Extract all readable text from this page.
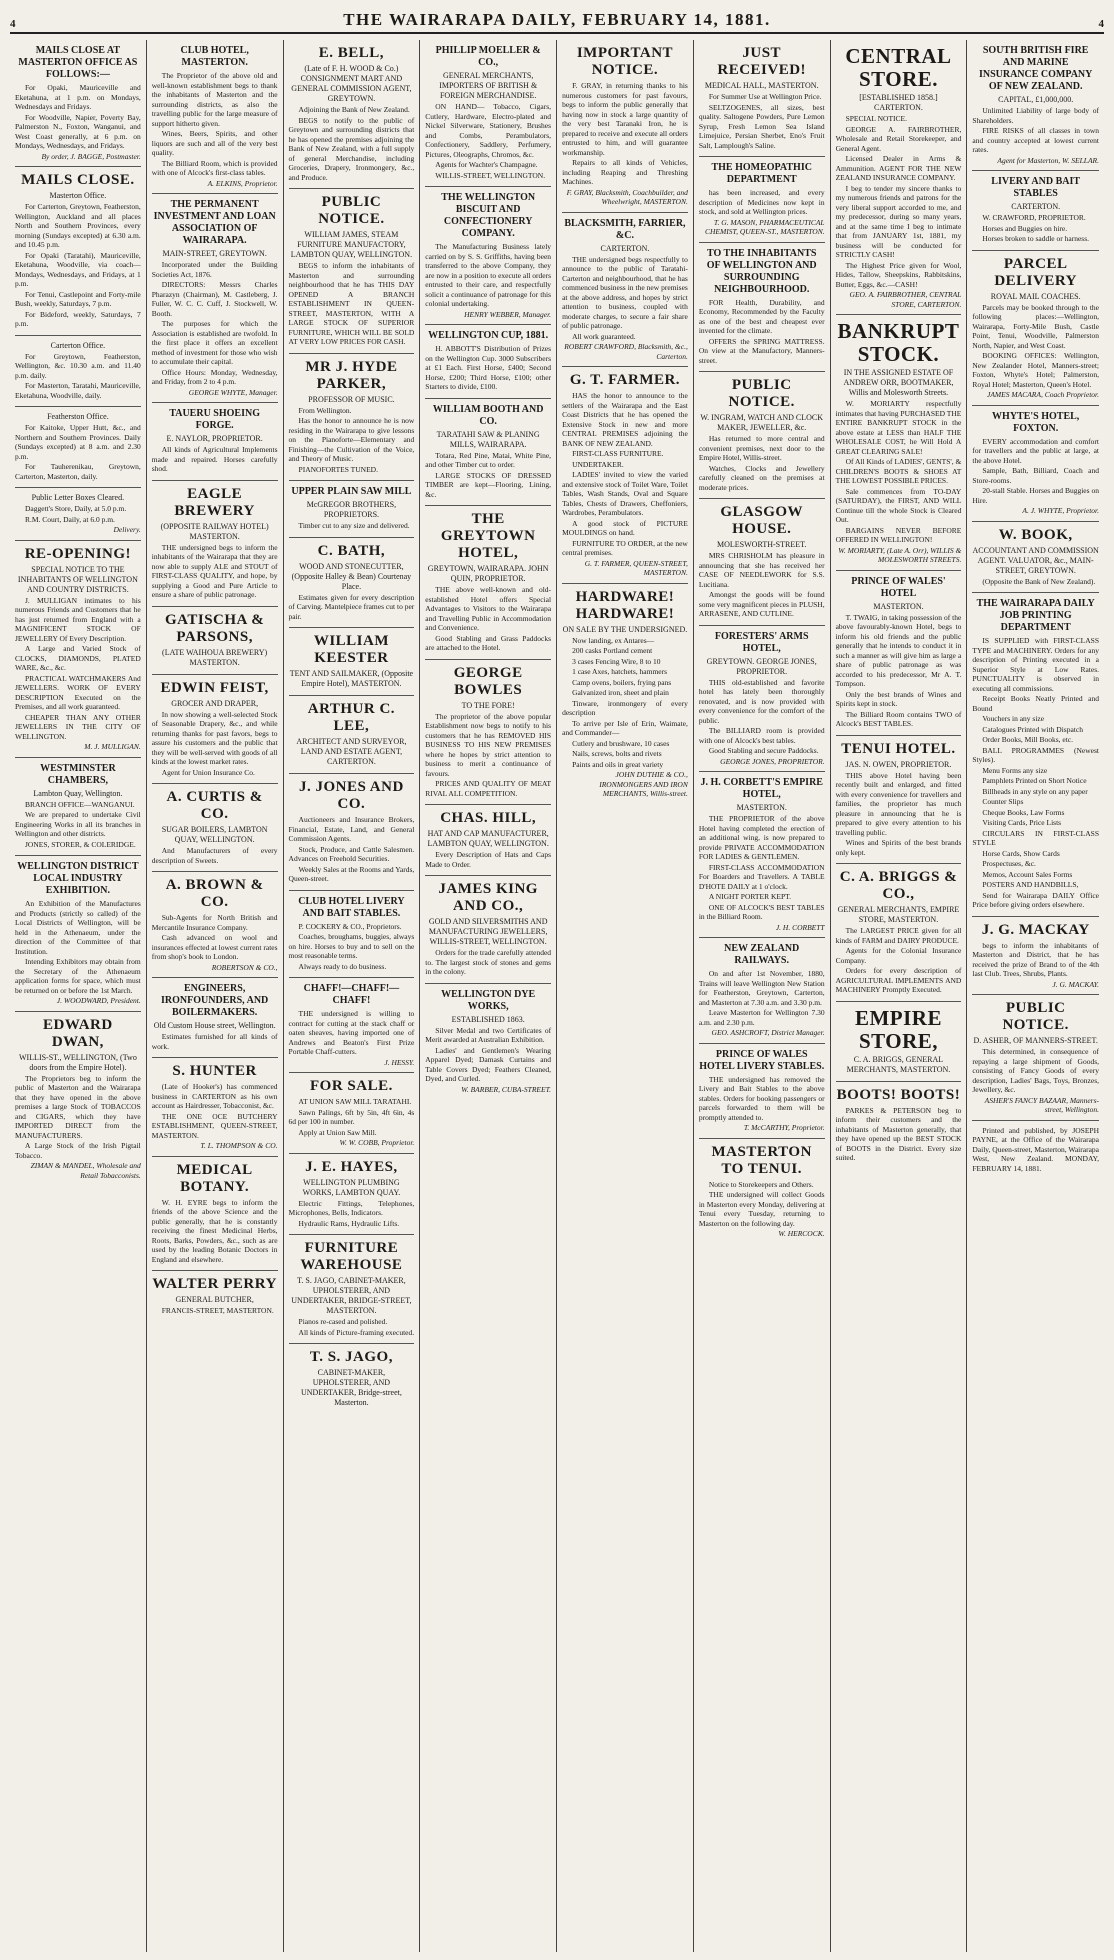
4	THE WAIRARAPA DAILY, FEBRUARY 14, 1881.	4
MAILS CLOSE AT MASTERTON OFFICE AS FOLLOWS:—
For Opaki, Mauriceville and Eketahuna, at 1 p.m. on Mondays, Wednesdays and Fridays.
For Woodville, Napier, Poverty Bay, Palmerston N., Foxton, Wanganui, and West Coast generally, at 6 p.m. on Mondays, Wednesdays, and Fridays.
By order, J. BAGGE, Postmaster.
MAILS CLOSE.
Masterton Office.
For Carterton, Greytown, Featherston, Wellington, Auckland and all places North and Southern Provinces, every morning (Sundays excepted) at 6.30 a.m. and 10.45 p.m.
For Opaki (Taratahi), Mauriceville, Eketahuna, Woodville, via coach—Mondays, Wednesdays, and Fridays, at 1 p.m.
For Tenui, Castlepoint and Forty-mile Bush, weekly, Saturdays, 7 p.m.
For Bideford, weekly, Saturdays, 7 p.m.
Carterton Office.
For Greytown, Featherston, Wellington, &c. 10.30 a.m. and 11.40 p.m. daily.
For Masterton, Taratahi, Mauriceville, Eketahuna, Woodville, daily.
Featherston Office.
For Kaitoke, Upper Hutt, &c., and Northern and Southern Provinces. Daily (Sundays excepted) at 8 a.m. and 2.30 p.m.
For Tauherenikau, Greytown, Carterton, Masterton, daily.
Public Letter Boxes Cleared.
Daggett's Store, Daily, at 5.0 p.m.
R.M. Court, Daily, at 6.0 p.m.
Delivery.
RE-OPENING!
SPECIAL NOTICE TO THE INHABITANTS OF WELLINGTON AND COUNTRY DISTRICTS.
J. MULLIGAN intimates to his numerous Friends and Customers that he has just returned from England with a MAGNIFICENT STOCK OF JEWELLERY Of Every Description.
A Large and Varied Stock of CLOCKS, DIAMONDS, PLATED WARE, &c., &c.
PRACTICAL WATCHMAKERS And JEWELLERS. WORK OF EVERY DESCRIPTION Executed on the Premises, and all work guaranteed.
CHEAPER THAN ANY OTHER JEWELLERS IN THE CITY OF WELLINGTON.
M. J. MULLIGAN.
WESTMINSTER CHAMBERS,
Lambton Quay, Wellington.
BRANCH OFFICE—WANGANUI.
We are prepared to undertake Civil Engineering Works in all its branches in Wellington and other districts.
JONES, STORER, & COLERIDGE.
WELLINGTON DISTRICT LOCAL INDUSTRY EXHIBITION.
An Exhibition of the Manufactures and Products (strictly so called) of the Local Districts of Wellington, will be held in the Athenaeum, under the direction of the Committee of that Institution.
Intending Exhibitors may obtain from the Secretary of the Athenaeum application forms for space, which must be returned on or before the 1st March.
J. WOODWARD, President.
EDWARD DWAN,
WILLIS-ST., WELLINGTON, (Two doors from the Empire Hotel).
The Proprietors beg to inform the public of Masterton and the Wairarapa that they have opened in the above premises a large Stock of TOBACCOS and CIGARS, which they have IMPORTED DIRECT from the MANUFACTURERS.
A Large Stock of the Irish Pigtail Tobacco.
ZIMAN & MANDEL, Wholesale and Retail Tobacconists.
CLUB HOTEL, MASTERTON.
The Proprietor of the above old and well-known establishment begs to thank the inhabitants of Masterton and the surrounding districts, as also the travelling public for the large measure of support hitherto given.
Wines, Beers, Spirits, and other liquors are such and all of the very best quality.
The Billiard Room, which is provided with one of Alcock's first-class tables.
A. ELKINS, Proprietor.
THE PERMANENT INVESTMENT AND LOAN ASSOCIATION OF WAIRARAPA.
MAIN-STREET, GREYTOWN.
Incorporated under the Building Societies Act, 1876.
DIRECTORS: Messrs Charles Pharazyn (Chairman), M. Castleberg, J. Fuller, W. C. C. Cuff, J. Stockwell, W. Booth.
The purposes for which the Association is established are twofold. In the first place it offers an excellent method of investment for those who wish to accumulate their capital.
Office Hours: Monday, Wednesday, and Friday, from 2 to 4 p.m.
GEORGE WHYTE, Manager.
TAUERU SHOEING FORGE.
E. NAYLOR, PROPRIETOR.
All kinds of Agricultural Implements made and repaired. Horses carefully shod.
EAGLE BREWERY
(OPPOSITE RAILWAY HOTEL) MASTERTON.
THE undersigned begs to inform the inhabitants of the Wairarapa that they are now able to supply ALE and STOUT of FIRST-CLASS QUALITY, and hope, by supplying a Good and Pure Article to ensure a share of public patronage.
GATISCHA & PARSONS,
(LATE WAIHOUA BREWERY) MASTERTON.
EDWIN FEIST,
GROCER AND DRAPER,
In now showing a well-selected Stock of Seasonable Drapery, &c., and while returning thanks for past favors, begs to assure his customers and the public that they will be well-served with goods of all kinds at the lowest market rates.
Agent for Union Insurance Co.
A. CURTIS & CO.
SUGAR BOILERS, LAMBTON QUAY, WELLINGTON.
And Manufacturers of every description of Sweets.
A. BROWN & CO.
Sub-Agents for North British and Mercantile Insurance Company.
Cash advanced on wool and insurances effected at lowest current rates from shop's book to London.
ROBERTSON & CO.,
ENGINEERS, IRONFOUNDERS, AND BOILERMAKERS.
Old Custom House street, Wellington.
Estimates furnished for all kinds of work.
S. HUNTER
(Late of Hooker's) has commenced business in CARTERTON as his own account as Hairdresser, Tobacconist, &c.
THE ONE OCE BUTCHERY ESTABLISHMENT, QUEEN-STREET, MASTERTON.
T. L. THOMPSON & CO.
MEDICAL BOTANY.
W. H. EYRE begs to inform the friends of the above Science and the public generally, that he is constantly receiving the finest Medicinal Herbs, Roots, Barks, Powders, &c., such as are used by the leading Botanic Doctors in England and elsewhere.
WALTER PERRY
GENERAL BUTCHER,
FRANCIS-STREET, MASTERTON.
E. BELL,
(Late of F. H. WOOD & Co.) CONSIGNMENT MART AND GENERAL COMMISSION AGENT, GREYTOWN.
Adjoining the Bank of New Zealand.
BEGS to notify to the public of Greytown and surrounding districts that he has opened the premises adjoining the Bank of New Zealand, with a full supply of general Merchandise, including Groceries, Drapery, Ironmongery, &c., and Produce.
PUBLIC NOTICE.
WILLIAM JAMES, STEAM FURNITURE MANUFACTORY, LAMBTON QUAY, WELLINGTON.
BEGS to inform the inhabitants of Masterton and surrounding neighbourhood that he has THIS DAY OPENED A BRANCH ESTABLISHMENT IN QUEEN-STREET, MASTERTON, WITH A LARGE STOCK OF SUPERIOR FURNITURE, WHICH WILL BE SOLD AT VERY LOW PRICES FOR CASH.
MR J. HYDE PARKER,
PROFESSOR OF MUSIC.
From Wellington.
Has the honor to announce he is now residing in the Wairarapa to give lessons on the Pianoforte—Elementary and Finishing—the Cultivation of the Voice, and Theory of Music.
PIANOFORTES TUNED.
UPPER PLAIN SAW MILL
McGREGOR BROTHERS, PROPRIETORS.
Timber cut to any size and delivered.
C. BATH,
WOOD AND STONECUTTER, (Opposite Halley & Bean) Courtenay Place.
Estimates given for every description of Carving. Mantelpiece frames cut to per pair.
WILLIAM KEESTER
TENT AND SAILMAKER, (Opposite Empire Hotel), MASTERTON.
ARTHUR C. LEE,
ARCHITECT AND SURVEYOR, LAND AND ESTATE AGENT, CARTERTON.
J. JONES AND CO.
Auctioneers and Insurance Brokers, Financial, Estate, Land, and General Commission Agents.
Stock, Produce, and Cattle Salesmen. Advances on Freehold Securities.
Weekly Sales at the Rooms and Yards, Queen-street.
CLUB HOTEL LIVERY AND BAIT STABLES.
P. COCKERY & CO., Proprietors.
Coaches, broughams, buggies, always on hire. Horses to buy and to sell on the most reasonable terms.
Always ready to do business.
CHAFF!—CHAFF!—CHAFF!
THE undersigned is willing to contract for cutting at the stack chaff or oaten sheaves, having imported one of Andrews and Beaton's First Prize Portable Chaff-cutters.
J. HESSY.
FOR SALE.
AT UNION SAW MILL TARATAHI.
Sawn Palings, 6ft by 5in, 4ft 6in, 4s 6d per 100 in number.
Apply at Union Saw Mill.
W. W. COBB, Proprietor.
J. E. HAYES,
WELLINGTON PLUMBING WORKS, LAMBTON QUAY.
Electric Fittings, Telephones, Microphones, Bells, Indicators.
Hydraulic Rams, Hydraulic Lifts.
FURNITURE WAREHOUSE
T. S. JAGO, CABINET-MAKER, UPHOLSTERER, AND UNDERTAKER, BRIDGE-STREET, MASTERTON.
Pianos re-cased and polished.
All kinds of Picture-framing executed.
T. S. JAGO,
CABINET-MAKER, UPHOLSTERER, AND UNDERTAKER, Bridge-street, Masterton.
PHILLIP MOELLER & CO.,
GENERAL MERCHANTS, IMPORTERS OF BRITISH & FOREIGN MERCHANDISE.
ON HAND— Tobacco, Cigars, Cutlery, Hardware, Electro-plated and Nickel Silverware, Stationery, Brushes and Combs, Perambulators, Confectionery, Saddlery, Perfumery, Pictures, Oleographs, Chromos, &c.
Agents for Wachter's Champagne.
WILLIS-STREET, WELLINGTON.
THE WELLINGTON BISCUIT AND CONFECTIONERY COMPANY.
The Manufacturing Business lately carried on by S. S. Griffiths, having been transferred to the above Company, they are now in a position to execute all orders entrusted to their care, and respectfully solicit a continuance of patronage for this colonial undertaking.
HENRY WEBBER, Manager.
WELLINGTON CUP, 1881.
H. ABBOTT'S Distribution of Prizes on the Wellington Cup. 3000 Subscribers at £1 Each. First Horse, £400; Second Horse, £200; Third Horse, £100; other Starters to divide, £100.
WILLIAM BOOTH AND CO.
TARATAHI SAW & PLANING MILLS, WAIRARAPA.
Totara, Red Pine, Matai, White Pine, and other Timber cut to order.
LARGE STOCKS OF DRESSED TIMBER are kept—Flooring, Lining, &c.
THE GREYTOWN HOTEL,
GREYTOWN, WAIRARAPA. JOHN QUIN, PROPRIETOR.
THE above well-known and old-established Hotel offers Special Advantages to Visitors to the Wairarapa and Travelling Public in Accommodation and Convenience.
Good Stabling and Grass Paddocks are attached to the Hotel.
GEORGE BOWLES
TO THE FORE!
The proprietor of the above popular Establishment now begs to notify to his customers that he has REMOVED HIS BUSINESS TO HIS NEW PREMISES where he hopes by strict attention to business to merit a continuance of favours.
PRICES AND QUALITY OF MEAT RIVAL ALL COMPETITION.
CHAS. HILL,
HAT AND CAP MANUFACTURER, LAMBTON QUAY, WELLINGTON.
Every Description of Hats and Caps Made to Order.
JAMES KING AND CO.,
GOLD AND SILVERSMITHS AND MANUFACTURING JEWELLERS, WILLIS-STREET, WELLINGTON.
Orders for the trade carefully attended to. The largest stock of stones and gems in the colony.
WELLINGTON DYE WORKS,
ESTABLISHED 1863.
Silver Medal and two Certificates of Merit awarded at Australian Exhibition.
Ladies' and Gentlemen's Wearing Apparel Dyed; Damask Curtains and Table Covers Dyed; Feathers Cleaned, Dyed, and Curled.
W. BARBER, CUBA-STREET.
IMPORTANT NOTICE.
F. GRAY, in returning thanks to his numerous customers for past favours, begs to inform the public generally that having now in stock a large quantity of the very best Taranaki Iron, he is prepared to receive and execute all orders entrusted to him, and will guarantee workmanship.
Repairs to all kinds of Vehicles, including Reaping and Threshing Machines.
F. GRAY, Blacksmith, Coachbuilder, and Wheelwright, MASTERTON.
BLACKSMITH, FARRIER, &C.
CARTERTON.
THE undersigned begs respectfully to announce to the public of Taratahi-Carterton and neighbourhood, that he has commenced business in the new premises at the above address, and hopes by strict attention to business, coupled with moderate charges, to secure a fair share of public patronage.
All work guaranteed.
ROBERT CRAWFORD, Blacksmith, &c., Carterton.
G. T. FARMER.
HAS the honor to announce to the settlers of the Wairarapa and the East Coast Districts that he has opened the Extensive Stock in new and more CENTRAL PREMISES adjoining the BANK OF NEW ZEALAND.
FIRST-CLASS FURNITURE.
UNDERTAKER.
LADIES' invited to view the varied and extensive stock of Toilet Ware, Toilet Tables, Wash Stands, Oval and Square Tables, Chests of Drawers, Cheffoniers, Wardrobes, Perambulators.
A good stock of PICTURE MOULDINGS on hand.
FURNITURE TO ORDER, at the new central premises.
G. T. FARMER, QUEEN-STREET, MASTERTON.
HARDWARE! HARDWARE!
ON SALE BY THE UNDERSIGNED.
Now landing, ex Antares—
200 casks Portland cement
3 cases Fencing Wire, 8 to 10
1 case Axes, hatchets, hammers
Camp ovens, boilers, frying pans
Galvanized iron, sheet and plain
Tinware, ironmongery of every description
To arrive per Isle of Erin, Waimate, and Commander—
Cutlery and brushware, 10 cases
Nails, screws, bolts and rivets
Paints and oils in great variety
JOHN DUTHIE & CO., IRONMONGERS AND IRON MERCHANTS, Willis-street.
JUST RECEIVED!
MEDICAL HALL, MASTERTON.
For Summer Use at Wellington Price.
SELTZOGENES, all sizes, best quality. Saltogene Powders, Pure Lemon Syrup, Fresh Lemon Sea Island Limejuice, Persian Sherbet, Eno's Fruit Salt, Lamplough's Saline.
THE HOMEOPATHIC DEPARTMENT
has been increased, and every description of Medicines now kept in stock, and sold at Wellington prices.
T. G. MASON, PHARMACEUTICAL CHEMIST, QUEEN-ST., MASTERTON.
TO THE INHABITANTS OF WELLINGTON AND SURROUNDING NEIGHBOURHOOD.
FOR Health, Durability, and Economy, Recommended by the Faculty as one of the best and cheapest ever invented for the climate.
OFFERS the SPRING MATTRESS. On view at the Manufactory, Manners-street.
PUBLIC NOTICE.
W. INGRAM, WATCH AND CLOCK MAKER, JEWELLER, &c.
Has returned to more central and convenient premises, next door to the Empire Hotel, Willis-street.
Watches, Clocks and Jewellery carefully cleaned on the premises at moderate prices.
GLASGOW HOUSE.
MOLESWORTH-STREET.
MRS CHRISHOLM has pleasure in announcing that she has received her CASE OF NEEDLEWORK for S.S. Lucitiana.
Amongst the goods will be found some very magnificent pieces in PLUSH, ARRASENE, AND CUTLINE.
FORESTERS' ARMS HOTEL,
GREYTOWN. GEORGE JONES, PROPRIETOR.
THIS old-established and favorite hotel has lately been thoroughly renovated, and is now provided with every convenience for the comfort of the public.
The BILLIARD room is provided with one of Alcock's best tables.
Good Stabling and secure Paddocks.
GEORGE JONES, PROPRIETOR.
J. H. CORBETT'S EMPIRE HOTEL,
MASTERTON.
THE PROPRIETOR of the above Hotel having completed the erection of an additional wing, is now prepared to provide PRIVATE ACCOMMODATION FOR LADIES & GENTLEMEN.
FIRST-CLASS ACCOMMODATION For Boarders and Travellers. A TABLE D'HOTE DAILY at 1 o'clock.
A NIGHT PORTER KEPT.
ONE OF ALCOCK'S BEST TABLES in the Billiard Room.
J. H. CORBETT
NEW ZEALAND RAILWAYS.
On and after 1st November, 1880, Trains will leave Wellington New Station for Featherston, Greytown, Carterton, and Masterton at 7.30 a.m. and 3.30 p.m.
Leave Masterton for Wellington 7.30 a.m. and 2.30 p.m.
GEO. ASHCROFT, District Manager.
PRINCE OF WALES HOTEL LIVERY STABLES.
THE undersigned has removed the Livery and Bait Stables to the above stables. Orders for booking passengers or parcels forwarded to them will be promptly attended to.
T. McCARTHY, Proprietor.
MASTERTON TO TENUI.
Notice to Storekeepers and Others.
THE undersigned will collect Goods in Masterton every Monday, delivering at Tenui every Tuesday, returning to Masterton on the following day.
W. HERCOCK.
CENTRAL STORE.
[ESTABLISHED 1858.] CARTERTON.
SPECIAL NOTICE.
GEORGE A. FAIRBROTHER, Wholesale and Retail Storekeeper, and General Agent.
Licensed Dealer in Arms & Ammunition. AGENT FOR THE NEW ZEALAND INSURANCE COMPANY.
I beg to tender my sincere thanks to my numerous friends and patrons for the very liberal support accorded to me, and my predecessor, during so many years, and at the same time I beg to intimate that from JANUARY 1st, 1881, my business will be conducted for STRICTLY CASH!
The Highest Price given for Wool, Hides, Tallow, Sheepskins, Rabbitskins, Butter, Eggs, &c.—CASH!
GEO. A. FAIRBROTHER, CENTRAL STORE, CARTERTON.
BANKRUPT STOCK.
IN THE ASSIGNED ESTATE OF ANDREW ORR, BOOTMAKER, Willis and Molesworth Streets.
W. MORIARTY respectfully intimates that having PURCHASED THE ENTIRE BANKRUPT STOCK in the above estate at LESS than HALF THE WHOLESALE COST, he Will Hold A GREAT CLEARING SALE!
Of All Kinds of LADIES', GENTS', & CHILDREN'S BOOTS & SHOES AT THE LOWEST POSSIBLE PRICES.
Sale commences from TO-DAY (SATURDAY), the FIRST, AND WILL Continue till the whole Stock is Cleared Out.
BARGAINS NEVER BEFORE OFFERED IN WELLINGTON!
W. MORIARTY, (Late A. Orr), WILLIS & MOLESWORTH STREETS.
PRINCE OF WALES' HOTEL
MASTERTON.
T. TWAIG, in taking possession of the above favourably-known Hotel, begs to inform his old friends and the public generally that he intends to conduct it in such a manner as will give him as large a share of public patronage as was accorded to his predecessor, Mr A. T. Tompson.
Only the best brands of Wines and Spirits kept in stock.
The Billiard Room contains TWO of Alcock's BEST TABLES.
TENUI HOTEL.
JAS. N. OWEN, PROPRIETOR.
THIS above Hotel having been recently built and enlarged, and fitted with every convenience for travellers and families, the proprietor has much pleasure in announcing that he is prepared to give every attention to his travelling public.
Wines and Spirits of the best brands only kept.
C. A. BRIGGS & CO.,
GENERAL MERCHANTS, EMPIRE STORE, MASTERTON.
The LARGEST PRICE given for all kinds of FARM and DAIRY PRODUCE.
Agents for the Colonial Insurance Company.
Orders for every description of AGRICULTURAL IMPLEMENTS AND MACHINERY Promptly Executed.
EMPIRE STORE,
C. A. BRIGGS, GENERAL MERCHANTS, MASTERTON.
BOOTS! BOOTS!
PARKES & PETERSON beg to inform their customers and the inhabitants of Masterton generally, that they have opened up the BEST STOCK of BOOTS in the District. Every size suited.
SOUTH BRITISH FIRE AND MARINE INSURANCE COMPANY OF NEW ZEALAND.
CAPITAL, £1,000,000.
Unlimited Liability of large body of Shareholders.
FIRE RISKS of all classes in town and country accepted at lowest current rates.
Agent for Masterton, W. SELLAR.
LIVERY AND BAIT STABLES
CARTERTON.
W. CRAWFORD, PROPRIETOR.
Horses and Buggies on hire.
Horses broken to saddle or harness.
PARCEL DELIVERY
ROYAL MAIL COACHES.
Parcels may be booked through to the following places:—Wellington, Wairarapa, Forty-Mile Bush, Castle Point, Tenui, Woodville, Palmerston North, Napier, and West Coast.
BOOKING OFFICES: Wellington, New Zealander Hotel, Manners-street; Foxton, Whyte's Hotel; Palmerston, Royal Hotel; Masterton, Queen's Hotel.
JAMES MACARA, Coach Proprietor.
WHYTE'S HOTEL, FOXTON.
EVERY accommodation and comfort for travellers and the public at large, at the above Hotel.
Sample, Bath, Billiard, Coach and Store-rooms.
20-stall Stable. Horses and Buggies on Hire.
A. J. WHYTE, Proprietor.
W. BOOK,
ACCOUNTANT AND COMMISSION AGENT. VALUATOR, &c., MAIN-STREET, GREYTOWN.
(Opposite the Bank of New Zealand).
THE WAIRARAPA DAILY JOB PRINTING DEPARTMENT
IS SUPPLIED with FIRST-CLASS TYPE and MACHINERY. Orders for any description of Printing executed in a Superior Style at Low Rates. PUNCTUALITY is observed in executing all commissions.
Receipt Books Neatly Printed and Bound
Vouchers in any size
Catalogues Printed with Dispatch
Order Books, Mill Books, etc.
BALL PROGRAMMES (Newest Styles).
Menu Forms any size
Pamphlets Printed on Short Notice
Billheads in any style on any paper
Counter Slips
Cheque Books, Law Forms
Visiting Cards, Price Lists
CIRCULARS IN FIRST-CLASS STYLE
Horse Cards, Show Cards
Prospectuses, &c.
Memos, Account Sales Forms
POSTERS AND HANDBILLS,
Send for Wairarapa DAILY Office Price before giving orders elsewhere.
J. G. MACKAY
begs to inform the inhabitants of Masterton and District, that he has received the prize of Brand to of the 4th last Club. Trees, Shrubs, Plants.
J. G. MACKAY.
PUBLIC NOTICE.
D. ASHER, OF MANNERS-STREET.
This determined, in consequence of repaying a large shipment of Goods, consisting of Fancy Goods of every description, Ladies' Bags, Toys, Bronzes, Jewellery, &c.
ASHER'S FANCY BAZAAR, Manners-street, Wellington.
Printed and published, by JOSEPH PAYNE, at the Office of the Wairarapa Daily, Queen-street, Masterton, Wairarapa West, New Zealand. MONDAY, FEBRUARY 14, 1881.
